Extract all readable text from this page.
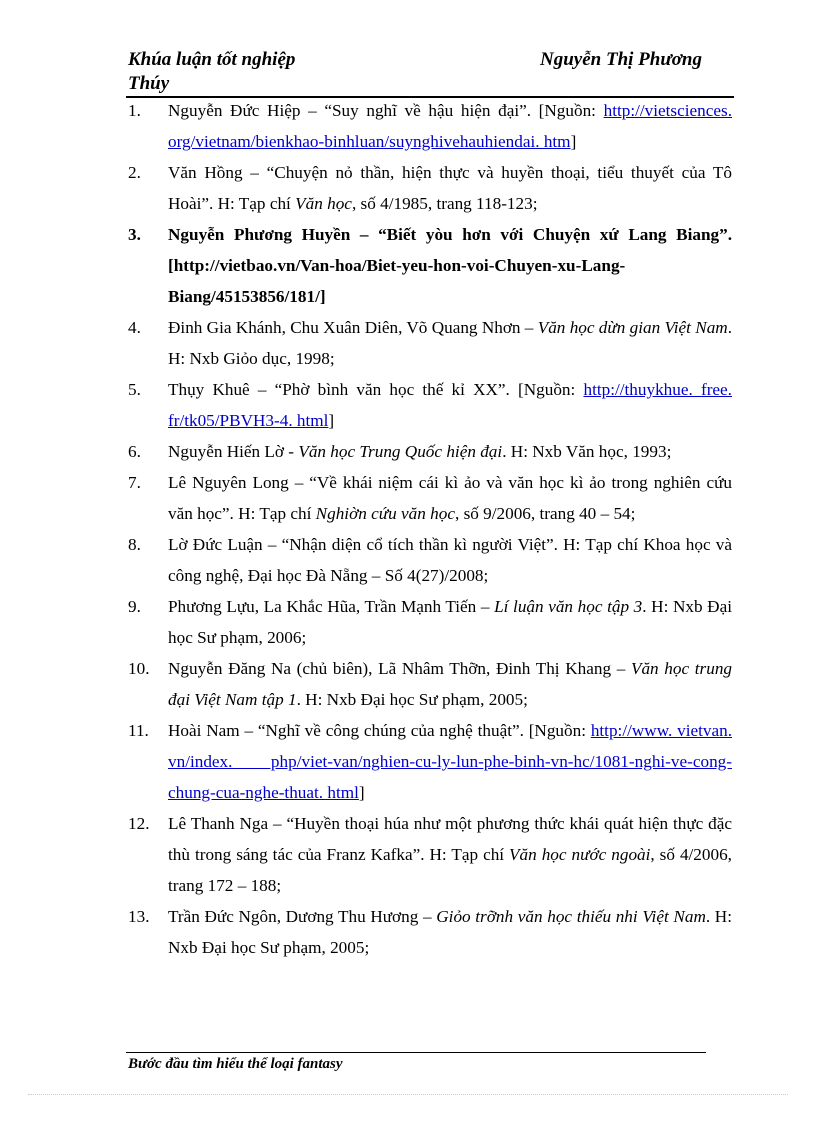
Khúa luận tốt nghiệp Thúy
Nguyễn Thị Phương
1. Nguyễn Đức Hiệp – “Suy nghĩ về hậu hiện đại”. [Nguồn: http://vietsciences. org/vietnam/bienkhao-binhluan/suynghivehauhiendai. htm]
2. Văn Hồng – “Chuyện nỏ thần, hiện thực và huyền thoại, tiểu thuyết của Tô Hoài”. H: Tạp chí Văn học, số 4/1985, trang 118-123;
3. Nguyễn Phương Huyền – “Biết yòu hơn với Chuyện xứ Lang Biang”. [http://vietbao.vn/Van-hoa/Biet-yeu-hon-voi-Chuyen-xu-Lang-Biang/45153856/181/]
4. Đinh Gia Khánh, Chu Xuân Diên, Võ Quang Nhơn – Văn học dừn gian Việt Nam. H: Nxb Giỏo dục, 1998;
5. Thụy Khuê – “Phờ bình văn học thế kỉ XX”. [Nguồn: http://thuykhue. free. fr/tk05/PBVH3-4. html]
6. Nguyễn Hiến Lờ - Văn học Trung Quốc hiện đại. H: Nxb Văn học, 1993;
7. Lê Nguyên Long – “Về khái niệm cái kì ảo và văn học kì ảo trong nghiên cứu văn học”. H: Tạp chí Nghiờn cứu văn học, số 9/2006, trang 40 – 54;
8. Lờ Đức Luận – “Nhận diện cổ tích thần kì người Việt”. H: Tạp chí Khoa học và công nghệ, Đại học Đà Nẵng – Số 4(27)/2008;
9. Phương Lựu, La Khắc Hũa, Trần Mạnh Tiến – Lí luận văn học tập 3. H: Nxb Đại học Sư phạm, 2006;
10. Nguyễn Đăng Na (chủ biên), Lã Nhâm Thỡn, Đinh Thị Khang – Văn học trung đại Việt Nam tập 1. H: Nxb Đại học Sư phạm, 2005;
11. Hoài Nam – “Nghĩ về công chúng của nghệ thuật”. [Nguồn: http://www. vietvan. vn/index. php/viet-van/nghien-cu-ly-lun-phe-binh-vn-hc/1081-nghi-ve-cong-chung-cua-nghe-thuat. html]
12. Lê Thanh Nga – “Huyền thoại húa như một phương thức khái quát hiện thực đặc thù trong sáng tác của Franz Kafka”. H: Tạp chí Văn học nước ngoài, số 4/2006, trang 172 – 188;
13. Trần Đức Ngôn, Dương Thu Hương – Giỏo trỡnh văn học thiếu nhi Việt Nam. H: Nxb Đại học Sư phạm, 2005;
Bước đầu tìm hiểu thể loại fantasy
